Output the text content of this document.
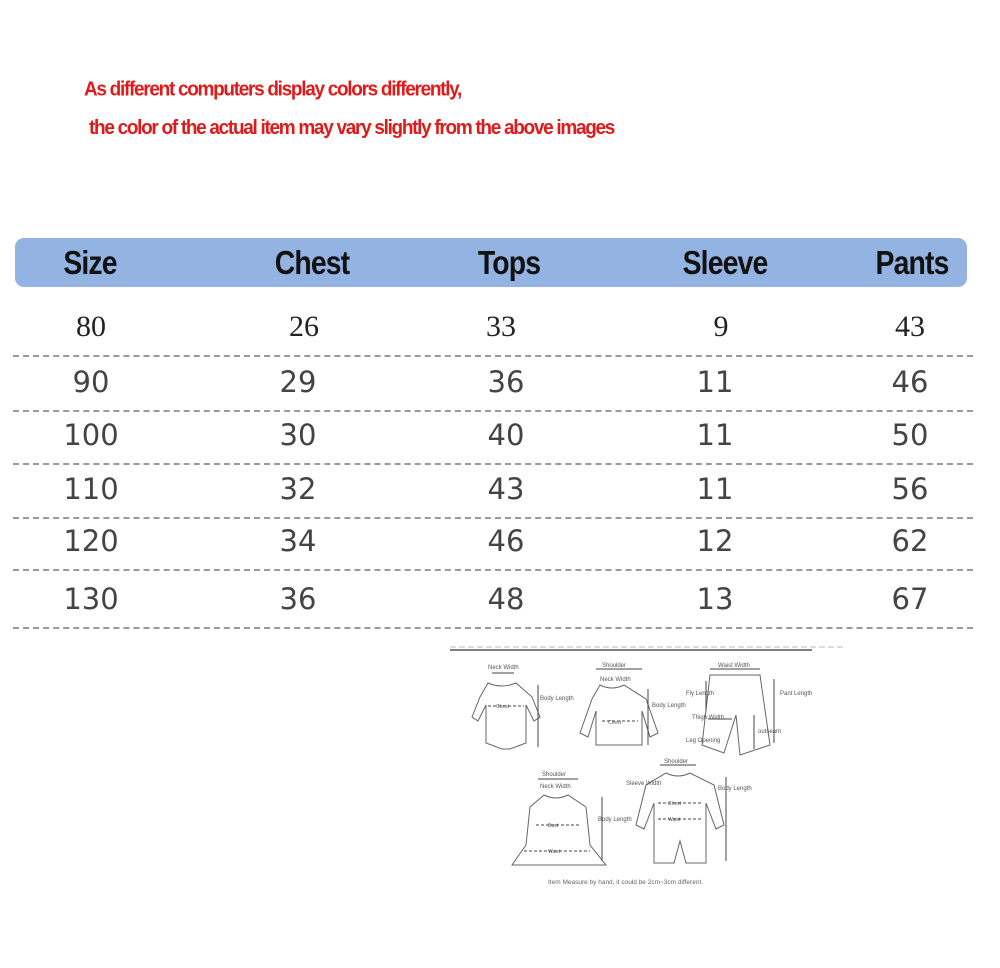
As different computers display colors differently,
the color of the actual item may vary slightly from the above images
Size	Chest	Tops	Sleeve	Pants
80	26	33	9	43
90	29	36	11	46
100	30	40	11	50
110	32	43	11	56
120	34	46	12	62
130	36	48	13	67
Neck Width
Chest
Body Length
Shoulder
Neck Width
Chest
Body Length
Waist Width
Fly Length	Pant Length
Thigh Width
outseam
Leg Opening
Shoulder
Neck Width
Bust
Waist
Body Length
Shoulder
Sleeve Width
Chest
Waist
Body Length
Item Measure by hand, it could be 2cm~3cm different.
